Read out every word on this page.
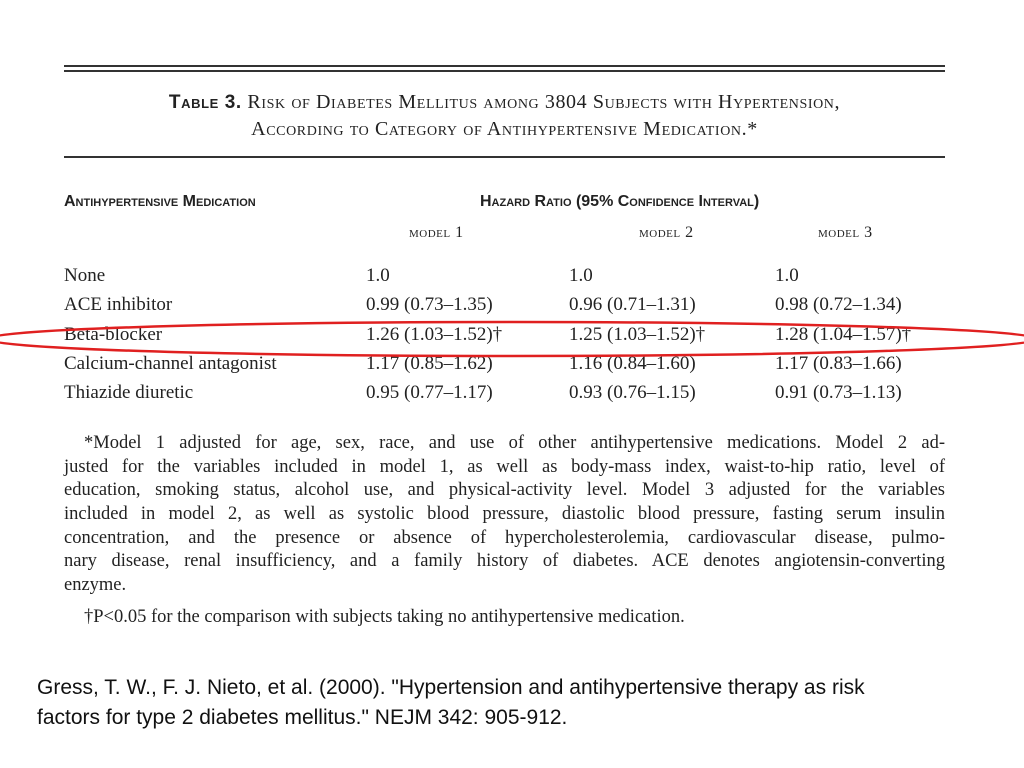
Table 3. Risk of Diabetes Mellitus among 3804 Subjects with Hypertension,
According to Category of Antihypertensive Medication.*
Antihypertensive Medication	Hazard Ratio (95% Confidence Interval)
model 1	model 2	model 3
None	1.0	1.0	1.0
ACE inhibitor	0.99 (0.73–1.35)	0.96 (0.71–1.31)	0.98 (0.72–1.34)
Beta-blocker	1.26 (1.03–1.52)†	1.25 (1.03–1.52)†	1.28 (1.04–1.57)†
Calcium-channel antagonist	1.17 (0.85–1.62)	1.16 (0.84–1.60)	1.17 (0.83–1.66)
Thiazide diuretic	0.95 (0.77–1.17)	0.93 (0.76–1.15)	0.91 (0.73–1.13)
*Model 1 adjusted for age, sex, race, and use of other antihypertensive medications. Model 2 ad-
justed for the variables included in model 1, as well as body-mass index, waist-to-hip ratio, level of
education, smoking status, alcohol use, and physical-activity level. Model 3 adjusted for the variables
included in model 2, as well as systolic blood pressure, diastolic blood pressure, fasting serum insulin
concentration, and the presence or absence of hypercholesterolemia, cardiovascular disease, pulmo-
nary disease, renal insufficiency, and a family history of diabetes. ACE denotes angiotensin-converting
enzyme.
†P<0.05 for the comparison with subjects taking no antihypertensive medication.
Gress, T. W., F. J. Nieto, et al. (2000). "Hypertension and antihypertensive therapy as risk
factors for type 2 diabetes mellitus." NEJM 342: 905-912.
